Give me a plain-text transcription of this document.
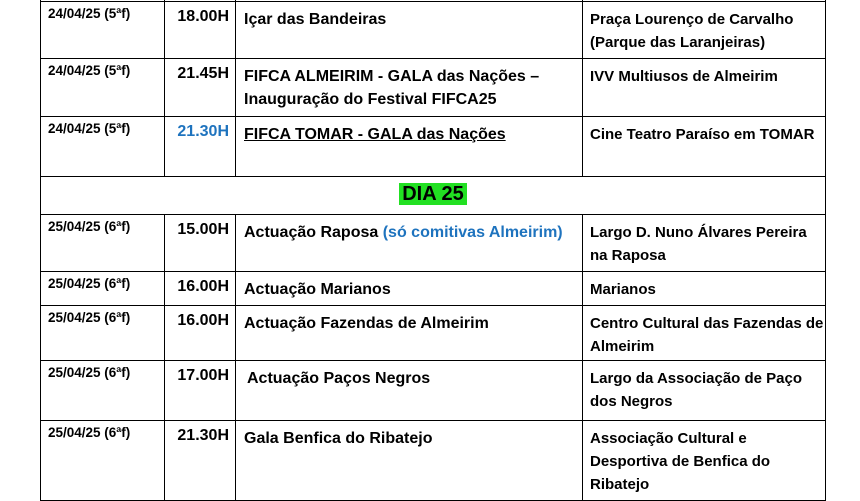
24/04/25 (5ªf)	18.00H	Içar das Bandeiras	Praça Lourenço de Carvalho (Parque das Laranjeiras)
24/04/25 (5ªf)	21.45H	FIFCA ALMEIRIM - GALA das Nações – Inauguração do Festival FIFCA25	IVV Multiusos de Almeirim
24/04/25 (5ªf)	21.30H	FIFCA TOMAR - GALA das Nações	Cine Teatro Paraíso em TOMAR
DIA 25			
25/04/25 (6ªf)	15.00H	Actuação Raposa (só comitivas Almeirim)	Largo D. Nuno Álvares Pereira na Raposa
25/04/25 (6ªf)	16.00H	Actuação Marianos	Marianos
25/04/25 (6ªf)	16.00H	Actuação Fazendas de Almeirim	Centro Cultural das Fazendas de Almeirim
25/04/25 (6ªf)	17.00H	Actuação Paços Negros	Largo da Associação de Paço dos Negros
25/04/25 (6ªf)	21.30H	Gala Benfica do Ribatejo	Associação Cultural e Desportiva de Benfica do Ribatejo
